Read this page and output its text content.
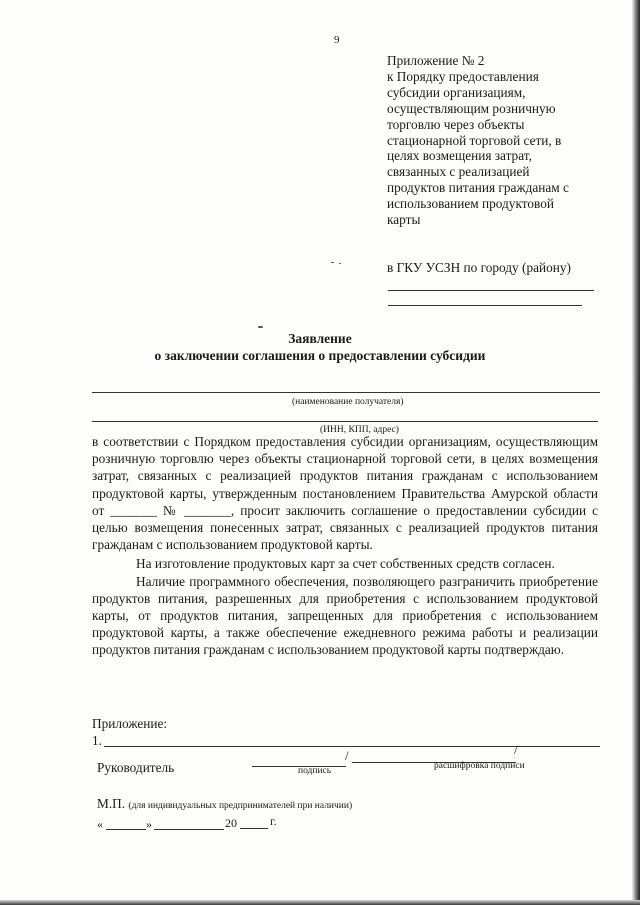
9
Приложение № 2
к Порядку предоставления
субсидии организациям,
осуществляющим розничную
торговлю через объекты
стационарной торговой сети, в
целях возмещения затрат,
связанных с реализацией
продуктов питания гражданам с
использованием продуктовой
карты
в ГКУ УСЗН по городу (району)
Заявление
о заключении соглашения о предоставлении субсидии
(наименование получателя)
(ИНН, КПП, адрес)

в соответствии с Порядком предоставления субсидии организациям, осуществляющим розничную торговлю через объекты стационарной торговой сети, в целях возмещения затрат, связанных с реализацией продуктов питания гражданам с использованием продуктовой карты, утвержденным постановлением Правительства Амурской области от _______ № _______, просит заключить соглашение о предоставлении субсидии с целью возмещения понесенных затрат, связанных с реализацией продуктов питания гражданам с использованием продуктовой карты.

На изготовление продуктовых карт за счет собственных средств согласен.

Наличие программного обеспечения, позволяющего разграничить приобретение продуктов питания, разрешенных для приобретения с использованием продуктовой карты, от продуктов питания, запрещенных для приобретения с использованием продуктовой карты, а также обеспечение ежедневного режима работы и реализации продуктов питания гражданам с использованием продуктовой карты подтверждаю.

Приложение:
1.
Руководитель
/	/
подпись	расшифровка подписи
М.П. (для индивидуальных предпринимателей при наличии)
«	»	20	г.
